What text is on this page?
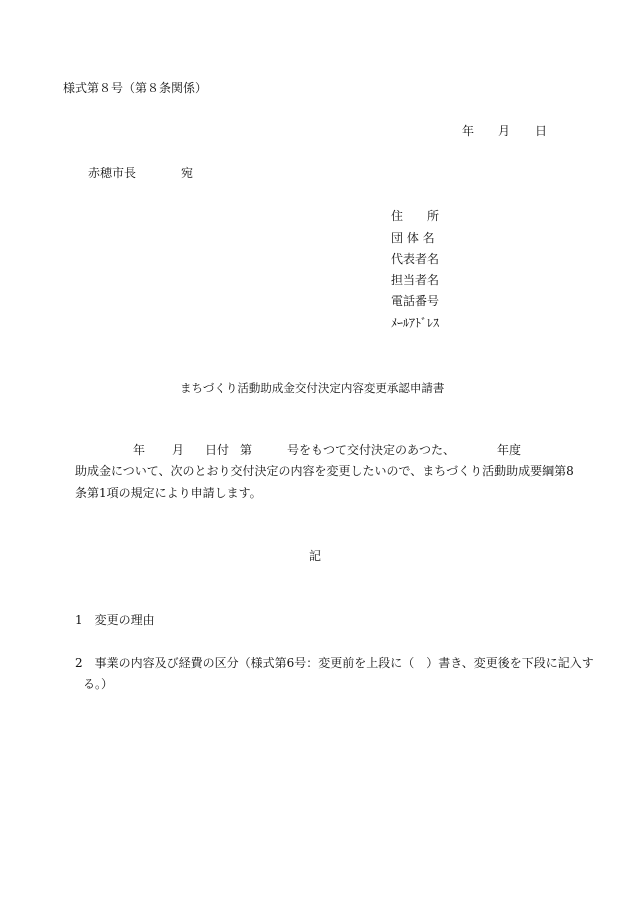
様式第８号（第８条関係）
年 月 日
赤穂市長	宛
住　　所
団 体 名
代表者名
担当者名
電話番号
ﾒｰﾙｱﾄﾞﾚｽ
まちづくり活動助成金交付決定内容変更承認申請書
年 月 日付 第	号をもつて交付決定のあつた、	年度
助成金について、次のとおり交付決定の内容を変更したいので、まちづくり活動助成要綱第8
条第1項の規定により申請します。
記
1　変更の理由
2　事業の内容及び経費の区分（様式第6号：変更前を上段に（　）書き、変更後を下段に記入す
る。）
